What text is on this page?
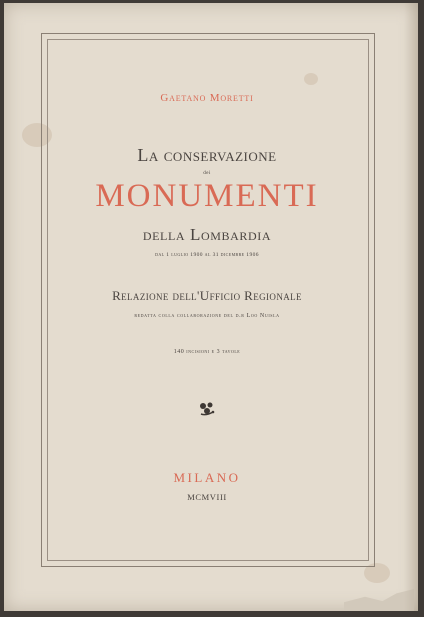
Gaetano Moretti
La conservazione
dei
MONUMENTI
della Lombardia
dal 1 luglio 1900 al 31 dicembre 1906
Relazione dell'Ufficio Regionale
redatta colla collaborazione del d.r Loo Nuisla
140 incisioni e 3 tavole
MILANO
MCMVIII
